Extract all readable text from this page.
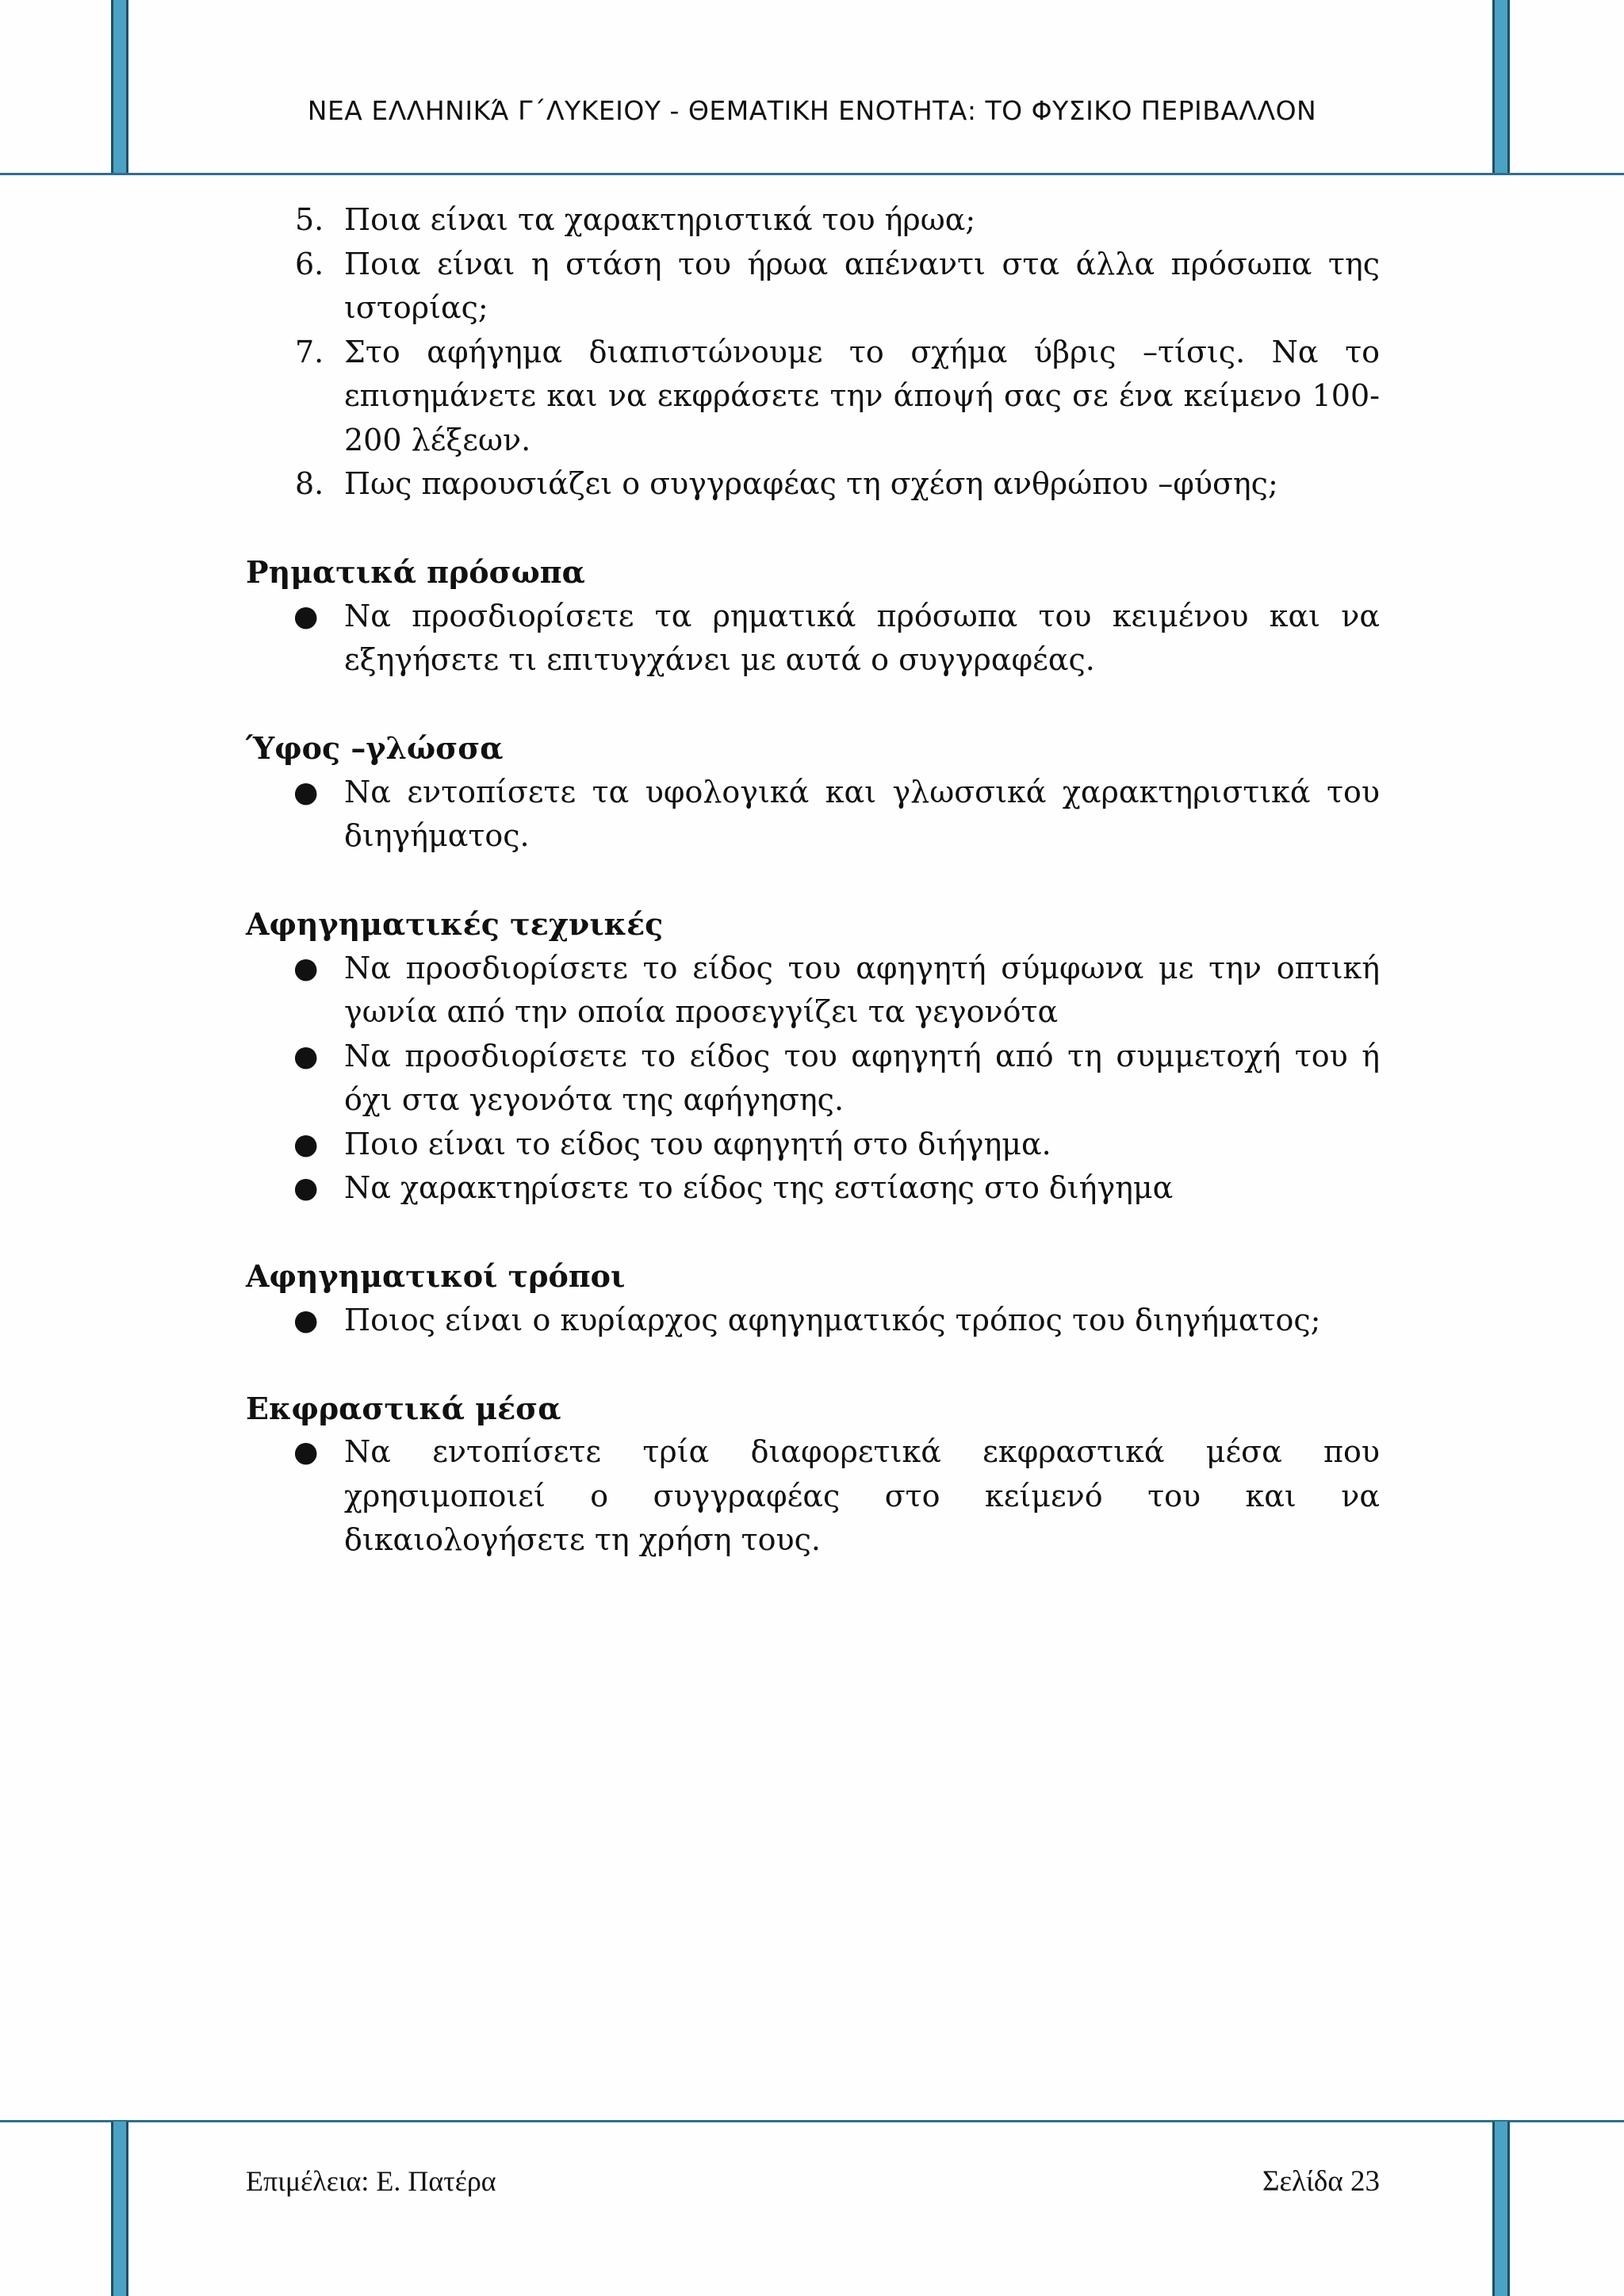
ΝΕΑ ΕΛΛΗΝΙΚΆ Γ΄ΛΥΚΕΙΟΥ - ΘΕΜΑΤΙΚΗ ΕΝΟΤΗΤΑ: ΤΟ ΦΥΣΙΚΟ ΠΕΡΙΒΑΛΛΟΝ
5. Ποια είναι τα χαρακτηριστικά του ήρωα;
6. Ποια είναι η στάση του ήρωα απέναντι στα άλλα πρόσωπα της ιστορίας;
7. Στο αφήγημα διαπιστώνουμε το σχήμα ύβρις –τίσις. Να το επισημάνετε και να εκφράσετε την άποψή σας σε ένα κείμενο 100-200 λέξεων.
8. Πως παρουσιάζει ο συγγραφέας τη σχέση ανθρώπου –φύσης;
Ρηματικά πρόσωπα
● Να προσδιορίσετε τα ρηματικά πρόσωπα του κειμένου και να εξηγήσετε τι επιτυγχάνει με αυτά ο συγγραφέας.
Ύφος –γλώσσα
● Να εντοπίσετε τα υφολογικά και γλωσσικά χαρακτηριστικά του διηγήματος.
Αφηγηματικές τεχνικές
● Να προσδιορίσετε το είδος του αφηγητή σύμφωνα με την οπτική γωνία από την οποία προσεγγίζει τα γεγονότα
● Να προσδιορίσετε το είδος του αφηγητή από τη συμμετοχή του ή όχι στα γεγονότα της αφήγησης.
● Ποιο είναι το είδος του αφηγητή στο διήγημα.
● Να χαρακτηρίσετε το είδος της εστίασης στο διήγημα
Αφηγηματικοί τρόποι
● Ποιος είναι ο κυρίαρχος αφηγηματικός τρόπος του διηγήματος;
Εκφραστικά μέσα
● Να εντοπίσετε τρία διαφορετικά εκφραστικά μέσα που χρησιμοποιεί ο συγγραφέας στο κείμενό του και να δικαιολογήσετε τη χρήση τους.
Επιμέλεια: Ε. Πατέρα	Σελίδα 23
